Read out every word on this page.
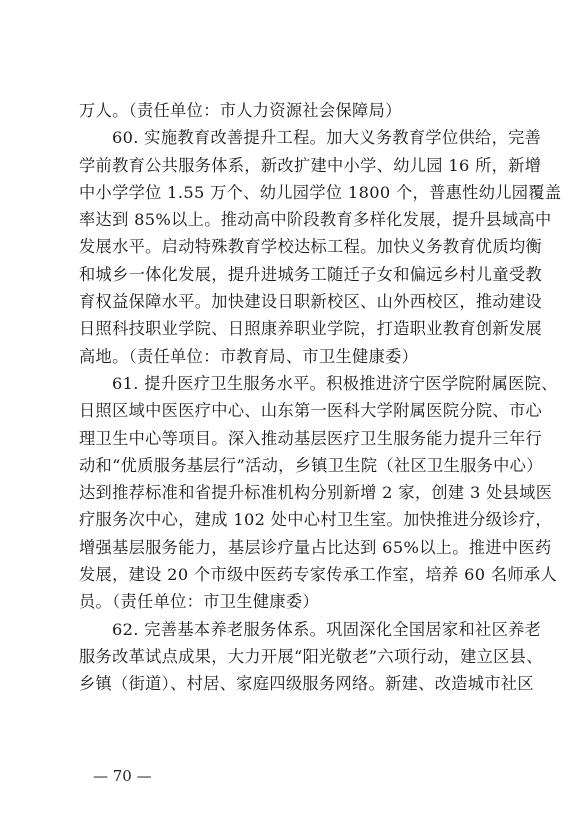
万人。（责任单位：市人力资源社会保障局）
60. 实施教育改善提升工程。加大义务教育学位供给，完善
学前教育公共服务体系，新改扩建中小学、幼儿园 16 所，新增
中小学学位 1.55 万个、幼儿园学位 1800 个，普惠性幼儿园覆盖
率达到 85%以上。推动高中阶段教育多样化发展，提升县域高中
发展水平。启动特殊教育学校达标工程。加快义务教育优质均衡
和城乡一体化发展，提升进城务工随迁子女和偏远乡村儿童受教
育权益保障水平。加快建设日职新校区、山外西校区，推动建设
日照科技职业学院、日照康养职业学院，打造职业教育创新发展
高地。（责任单位：市教育局、市卫生健康委）
61. 提升医疗卫生服务水平。积极推进济宁医学院附属医院、
日照区域中医医疗中心、山东第一医科大学附属医院分院、市心
理卫生中心等项目。深入推动基层医疗卫生服务能力提升三年行
动和“优质服务基层行”活动，乡镇卫生院（社区卫生服务中心）
达到推荐标准和省提升标准机构分别新增 2 家，创建 3 处县域医
疗服务次中心，建成 102 处中心村卫生室。加快推进分级诊疗，
增强基层服务能力，基层诊疗量占比达到 65%以上。推进中医药
发展，建设 20 个市级中医药专家传承工作室，培养 60 名师承人
员。（责任单位：市卫生健康委）
62. 完善基本养老服务体系。巩固深化全国居家和社区养老
服务改革试点成果，大力开展“阳光敬老”六项行动，建立区县、
乡镇（街道）、村居、家庭四级服务网络。新建、改造城市社区
— 70 —
